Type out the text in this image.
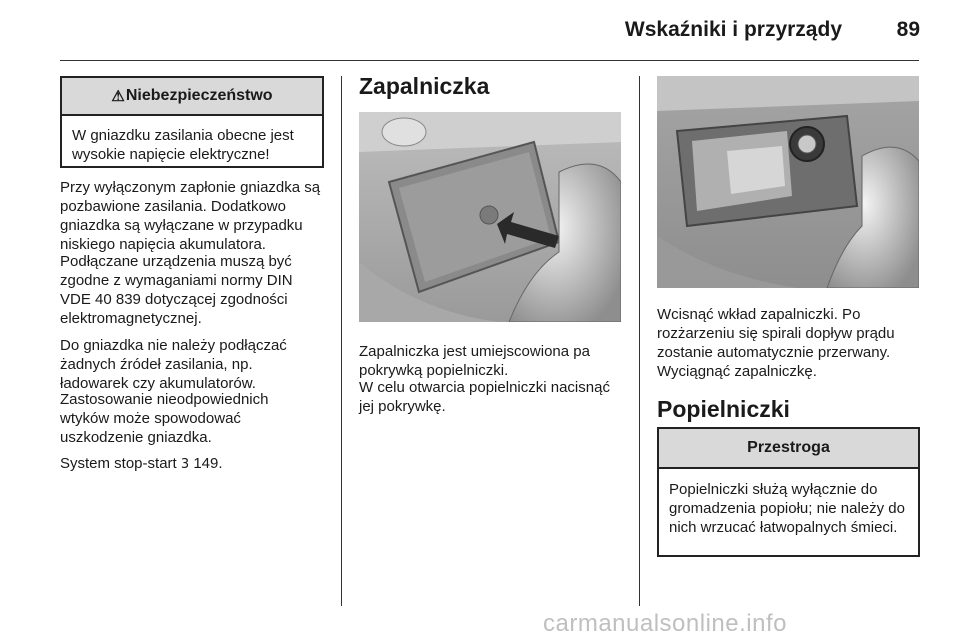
Wskaźniki i przyrządy	89
⚠ Niebezpieczeństwo
W gniazdku zasilania obecne jest wysokie napięcie elektryczne!
Przy wyłączonym zapłonie gniazdka są pozbawione zasilania. Dodatkowo gniazdka są wyłączane w przypadku niskiego napięcia akumulatora.
Podłączane urządzenia muszą być zgodne z wymaganiami normy DIN VDE 40 839 dotyczącej zgodności elektromagnetycznej.
Do gniazdka nie należy podłączać żadnych źródeł zasilania, np. ładowarek czy akumulatorów.
Zastosowanie nieodpowiednich wtyków może spowodować uszkodzenie gniazdka.
System stop-start 3 149.
Zapalniczka
Zapalniczka jest umiejscowiona pa pokrywką popielniczki.
W celu otwarcia popielniczki nacisnąć jej pokrywkę.
Wcisnąć wkład zapalniczki. Po rozżarzeniu się spirali dopływ prądu zostanie automatycznie przerwany. Wyciągnąć zapalniczkę.
Popielniczki
Przestroga
Popielniczki służą wyłącznie do gromadzenia popiołu; nie należy do nich wrzucać łatwopalnych śmieci.
carmanualsonline.info
